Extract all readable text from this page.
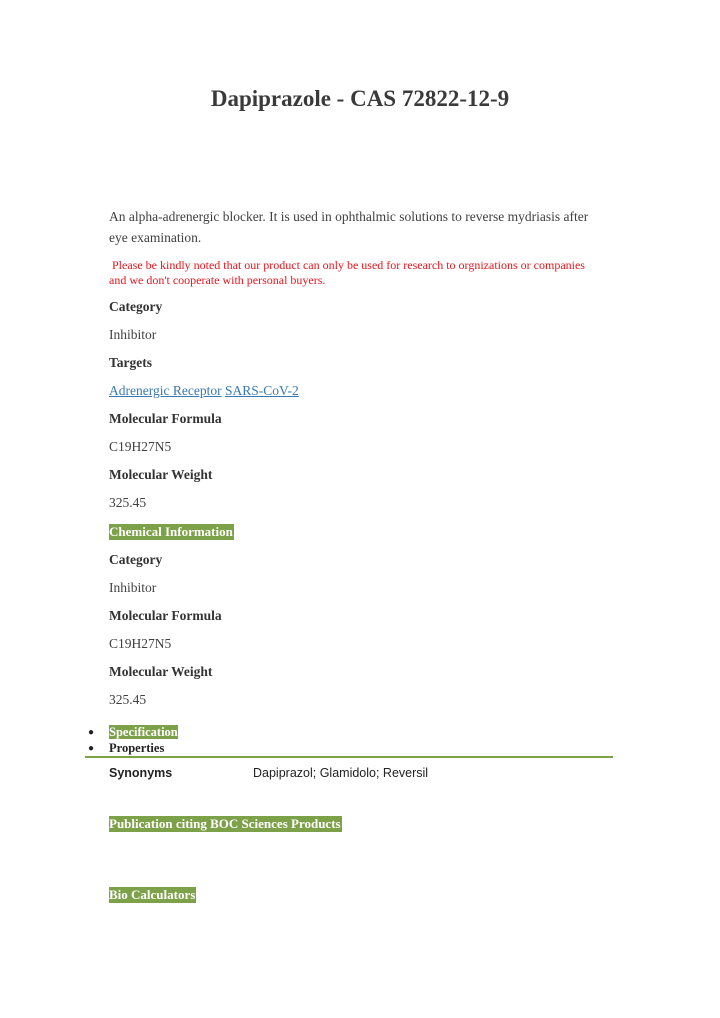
Dapiprazole - CAS 72822-12-9
An alpha-adrenergic blocker. It is used in ophthalmic solutions to reverse mydriasis after eye examination.
Please be kindly noted that our product can only be used for research to orgnizations or companies and we don't cooperate with personal buyers.
Category
Inhibitor
Targets
Adrenergic Receptor SARS-CoV-2
Molecular Formula
C19H27N5
Molecular Weight
325.45
Chemical Information
Category
Inhibitor
Molecular Formula
C19H27N5
Molecular Weight
325.45
● Specification
● Properties
Synonyms	Dapiprazol; Glamidolo; Reversil
Publication citing BOC Sciences Products
Bio Calculators
